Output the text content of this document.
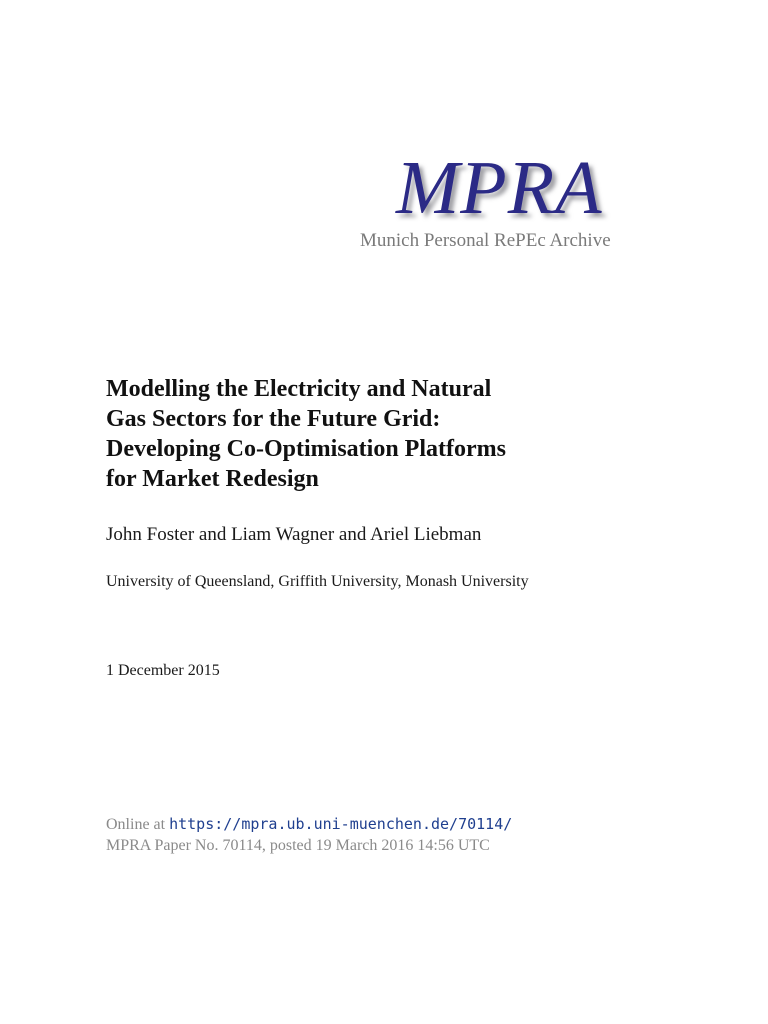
MPRA
Munich Personal RePEc Archive
Modelling the Electricity and Natural
Gas Sectors for the Future Grid:
Developing Co-Optimisation Platforms
for Market Redesign
John Foster and Liam Wagner and Ariel Liebman
University of Queensland, Griffith University, Monash University
1 December 2015
Online at https://mpra.ub.uni-muenchen.de/70114/
MPRA Paper No. 70114, posted 19 March 2016 14:56 UTC
